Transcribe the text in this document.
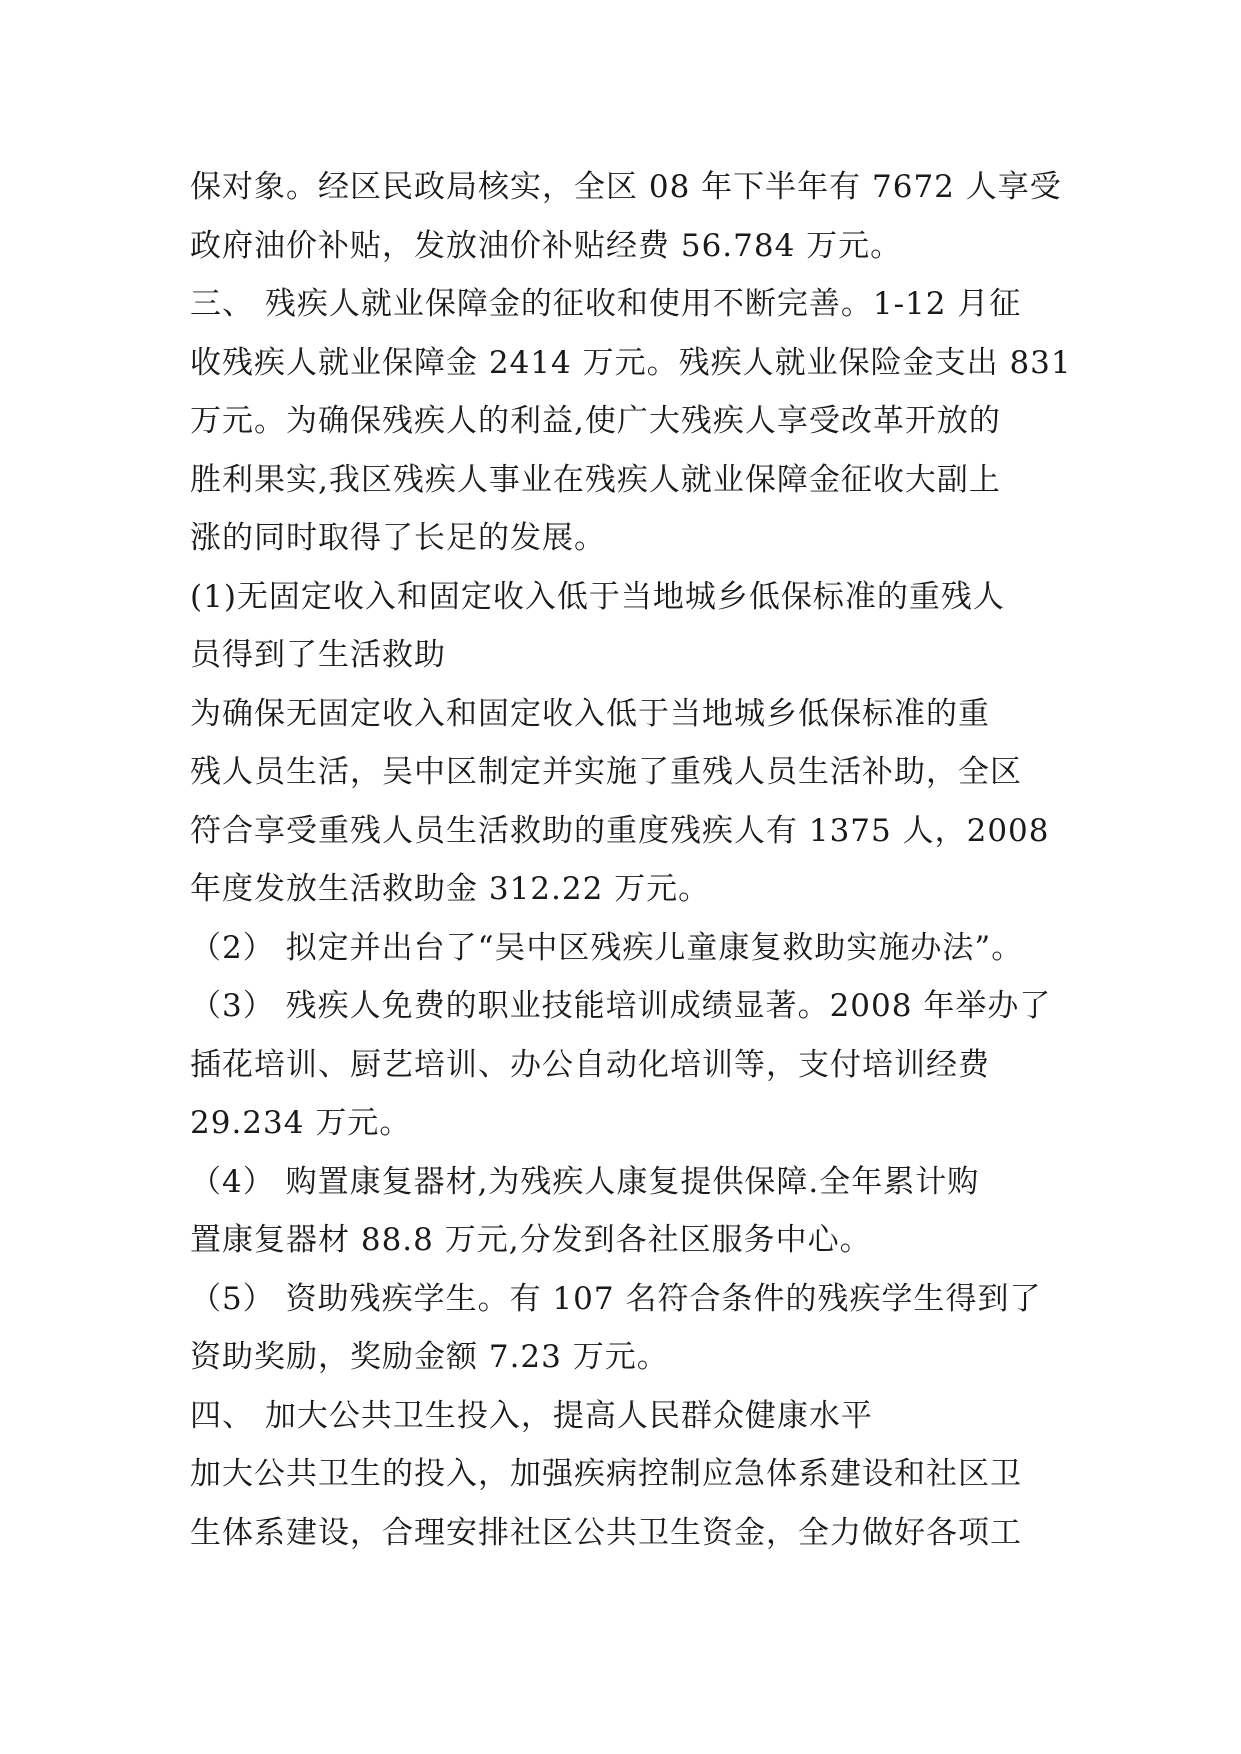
保对象。经区民政局核实，全区 08 年下半年有 7672 人享受
政府油价补贴，发放油价补贴经费 56.784 万元。
三、 残疾人就业保障金的征收和使用不断完善。1-12 月征
收残疾人就业保障金 2414 万元。残疾人就业保险金支出 831
万元。为确保残疾人的利益,使广大残疾人享受改革开放的
胜利果实,我区残疾人事业在残疾人就业保障金征收大副上
涨的同时取得了长足的发展。
(1)无固定收入和固定收入低于当地城乡低保标准的重残人
员得到了生活救助
为确保无固定收入和固定收入低于当地城乡低保标准的重
残人员生活，吴中区制定并实施了重残人员生活补助，全区
符合享受重残人员生活救助的重度残疾人有 1375 人，2008
年度发放生活救助金 312.22 万元。
（2） 拟定并出台了“吴中区残疾儿童康复救助实施办法”。
（3） 残疾人免费的职业技能培训成绩显著。2008 年举办了
插花培训、厨艺培训、办公自动化培训等，支付培训经费
29.234 万元。
（4） 购置康复器材,为残疾人康复提供保障.全年累计购
置康复器材 88.8 万元,分发到各社区服务中心。
（5） 资助残疾学生。有 107 名符合条件的残疾学生得到了
资助奖励，奖励金额 7.23 万元。
四、 加大公共卫生投入，提高人民群众健康水平
加大公共卫生的投入，加强疾病控制应急体系建设和社区卫
生体系建设，合理安排社区公共卫生资金，全力做好各项工
